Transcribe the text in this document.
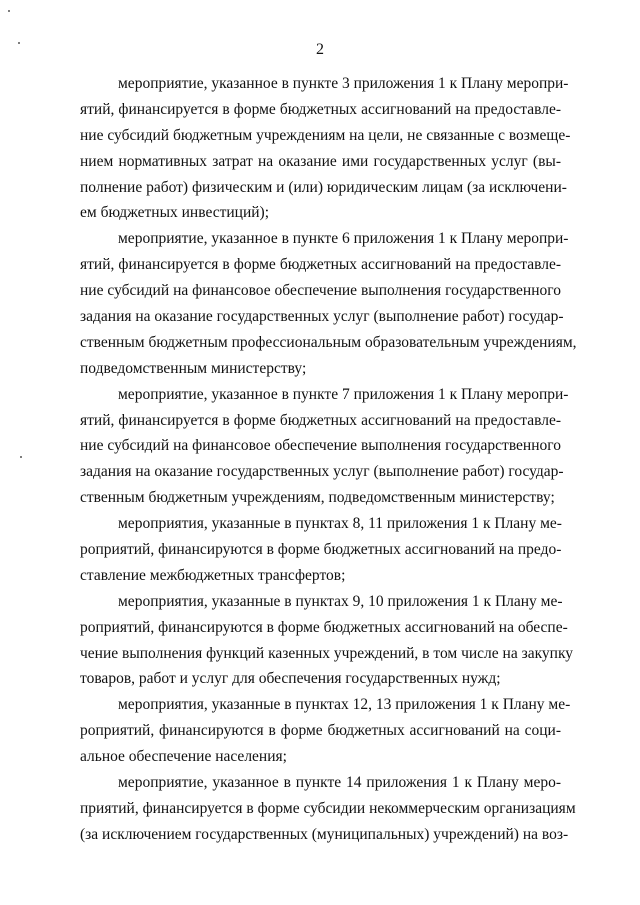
2
мероприятие, указанное в пункте 3 приложения 1 к Плану меропри-
ятий, финансируется в форме бюджетных ассигнований на предоставле-
ние субсидий бюджетным учреждениям на цели, не связанные с возмеще-
нием нормативных затрат на оказание ими государственных услуг (вы-
полнение работ) физическим и (или) юридическим лицам (за исключени-
ем бюджетных инвестиций);
мероприятие, указанное в пункте 6 приложения 1 к Плану меропри-
ятий, финансируется в форме бюджетных ассигнований на предоставле-
ние субсидий на финансовое обеспечение выполнения государственного
задания на оказание государственных услуг (выполнение работ) государ-
ственным бюджетным профессиональным образовательным учреждениям,
подведомственным министерству;
мероприятие, указанное в пункте 7 приложения 1 к Плану меропри-
ятий, финансируется в форме бюджетных ассигнований на предоставле-
ние субсидий на финансовое обеспечение выполнения государственного
задания на оказание государственных услуг (выполнение работ) государ-
ственным бюджетным учреждениям, подведомственным министерству;
мероприятия, указанные в пунктах 8, 11 приложения 1 к Плану ме-
роприятий, финансируются в форме бюджетных ассигнований на предо-
ставление межбюджетных трансфертов;
мероприятия, указанные в пунктах 9, 10 приложения 1 к Плану ме-
роприятий, финансируются в форме бюджетных ассигнований на обеспе-
чение выполнения функций казенных учреждений, в том числе на закупку
товаров, работ и услуг для обеспечения государственных нужд;
мероприятия, указанные в пунктах 12, 13 приложения 1 к Плану ме-
роприятий, финансируются в форме бюджетных ассигнований на соци-
альное обеспечение населения;
мероприятие, указанное в пункте 14 приложения 1 к Плану меро-
приятий, финансируется в форме субсидии некоммерческим организациям
(за исключением государственных (муниципальных) учреждений) на воз-
